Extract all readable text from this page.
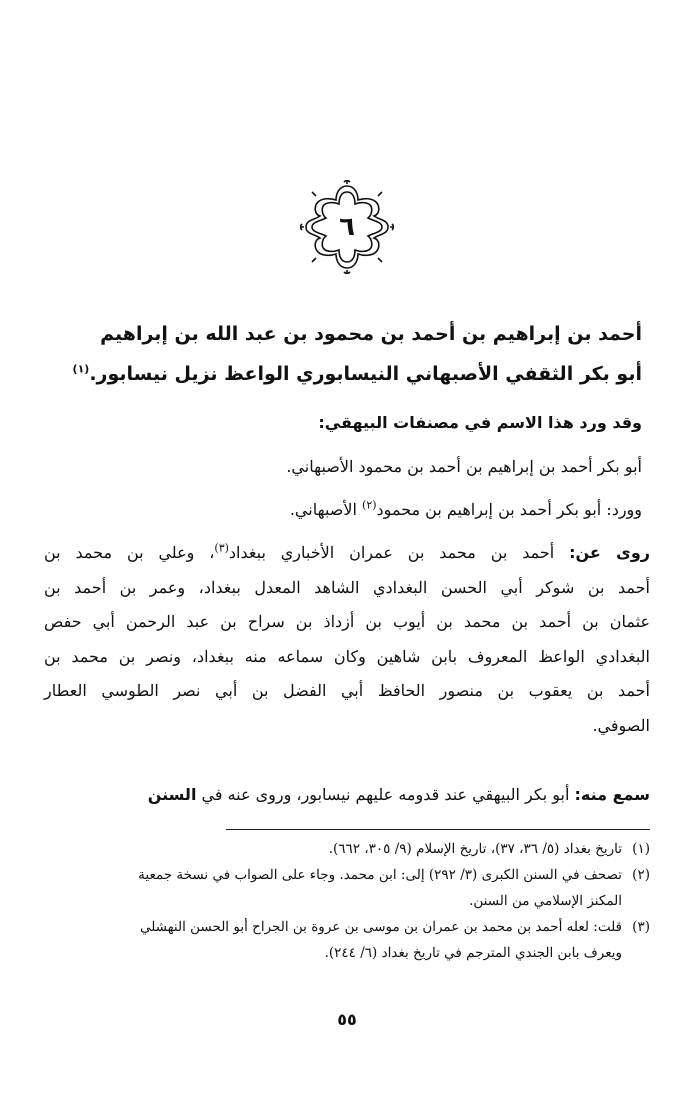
٦
أحمد بن إبراهيم بن أحمد بن محمود بن عبد الله بن إبراهيم
أبو بكر الثقفي الأصبهاني النيسابوري الواعظ نزيل نيسابور.$^{(١)}$
وقد ورد هذا الاسم في مصنفات البيهقي:
أبو بكر أحمد بن إبراهيم بن أحمد بن محمود الأصبهاني.
وورد: أبو بكر أحمد بن إبراهيم بن محمود$^{(٢)}$ الأصبهاني.
روى عن: أحمد بن محمد بن عمران الأخباري ببغداد$^{(٣)}$، وعلي بن محمد بن
أحمد بن شوكر أبي الحسن البغدادي الشاهد المعدل ببغداد، وعمر بن أحمد بن
عثمان بن أحمد بن محمد بن أيوب بن أزداذ بن سراح بن عبد الرحمن أبي حفص
البغدادي الواعظ المعروف بابن شاهين وكان سماعه منه ببغداد، ونصر بن محمد بن
أحمد بن يعقوب بن منصور الحافظ أبي الفضل بن أبي نصر الطوسي العطار
الصوفي.
سمع منه: أبو بكر البيهقي عند قدومه عليهم نيسابور، وروى عنه في السنن
(١)تاريخ بغداد (٥/ ٣٦، ٣٧)، تاريخ الإسلام (٩/ ٣٠٥، ٦٦٢).
(٢)تصحف في السنن الكبرى (٣/ ٢٩٢) إلى: ابن محمد. وجاء على الصواب في نسخة جمعية
المكنز الإسلامي من السنن.
(٣)قلت: لعله أحمد بن محمد بن عمران بن موسى بن عروة بن الجراح أبو الحسن النهشلي
ويعرف بابن الجندي المترجم في تاريخ بغداد (٦/ ٢٤٤).
٥٥
